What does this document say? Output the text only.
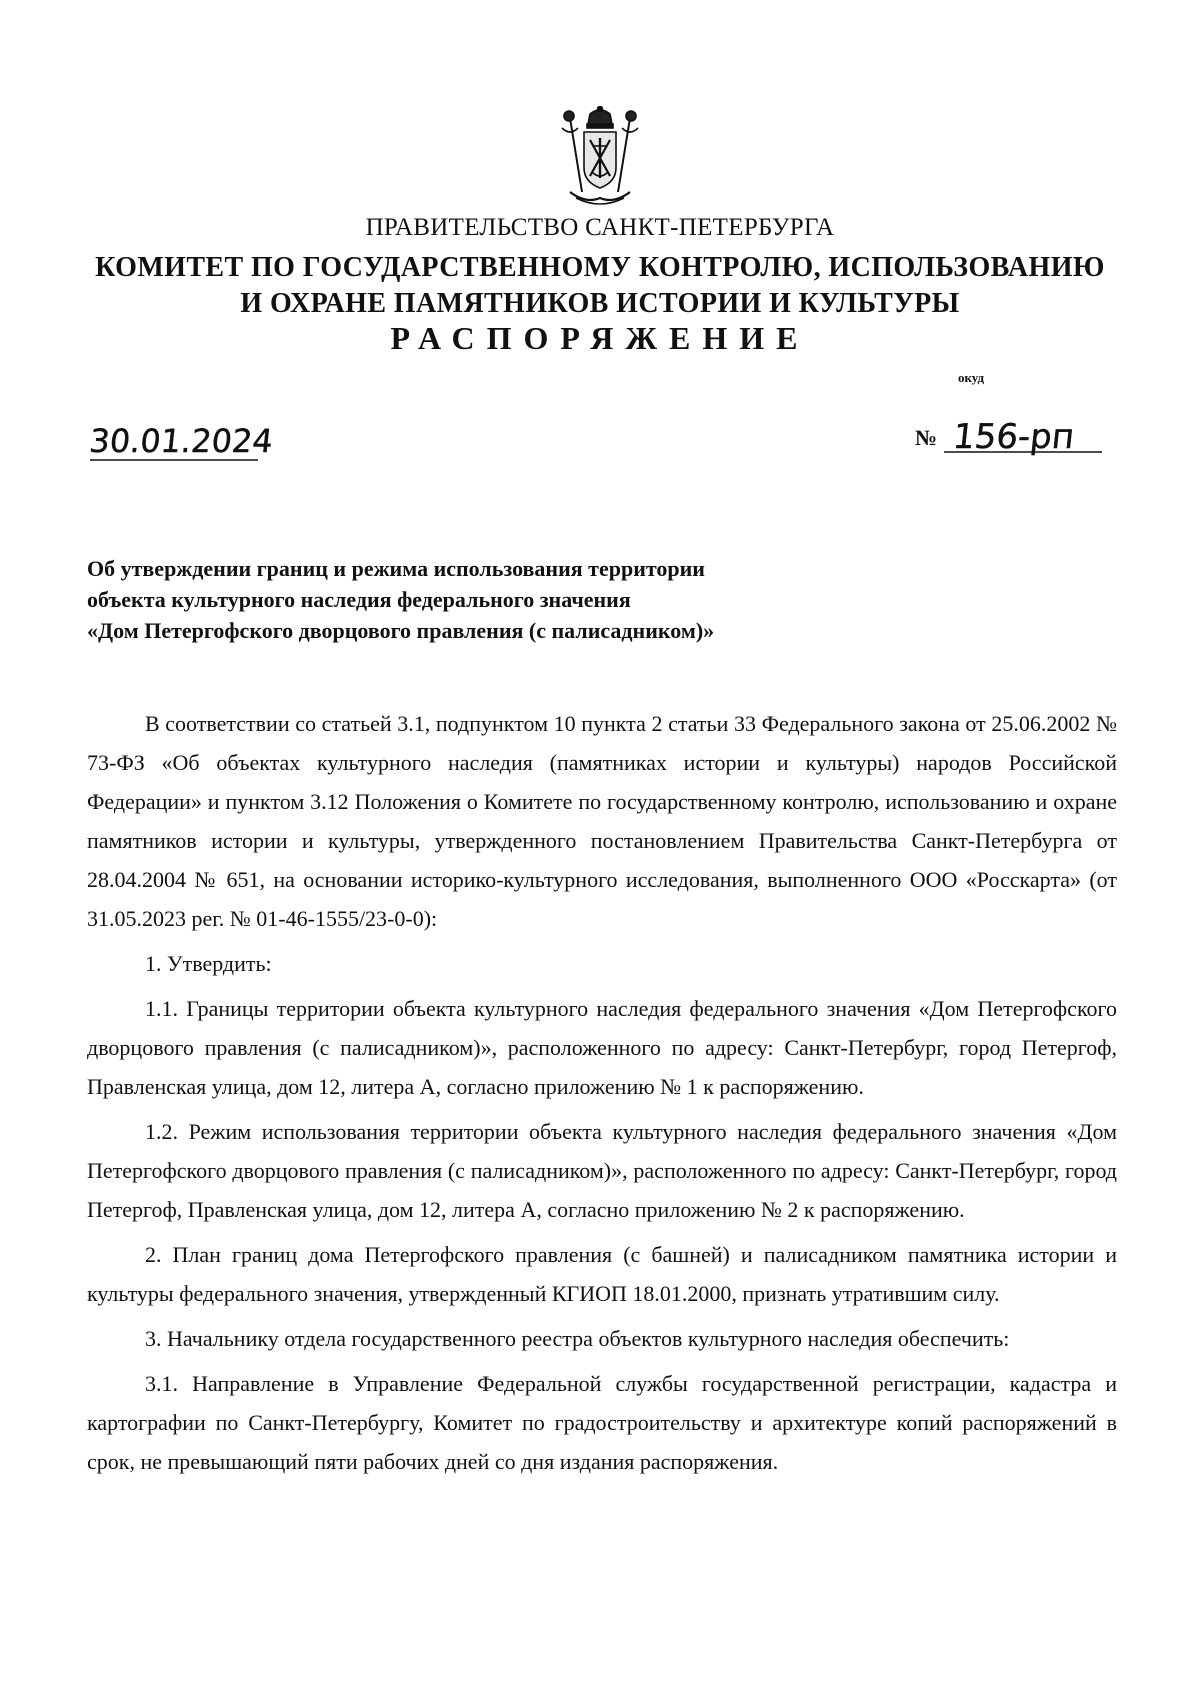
ПРАВИТЕЛЬСТВО САНКТ-ПЕТЕРБУРГА
КОМИТЕТ ПО ГОСУДАРСТВЕННОМУ КОНТРОЛЮ, ИСПОЛЬЗОВАНИЮ
И ОХРАНЕ ПАМЯТНИКОВ ИСТОРИИ И КУЛЬТУРЫ
РАСПОРЯЖЕНИЕ
окуд
30.01.2024	№ 156-рп
Об утверждении границ и режима использования территории
объекта культурного наследия федерального значения
«Дом Петергофского дворцового правления (с палисадником)»

В соответствии со статьей 3.1, подпунктом 10 пункта 2 статьи 33 Федерального закона от 25.06.2002 № 73-ФЗ «Об объектах культурного наследия (памятниках истории и культуры) народов Российской Федерации» и пунктом 3.12 Положения о Комитете по государственному контролю, использованию и охране памятников истории и культуры, утвержденного постановлением Правительства Санкт-Петербурга от 28.04.2004 № 651, на основании историко-культурного исследования, выполненного ООО «Росскарта» (от 31.05.2023 рег. № 01-46-1555/23-0-0):

1. Утвердить:

1.1. Границы территории объекта культурного наследия федерального значения «Дом Петергофского дворцового правления (с палисадником)», расположенного по адресу: Санкт-Петербург, город Петергоф, Правленская улица, дом 12, литера А, согласно приложению № 1 к распоряжению.

1.2. Режим использования территории объекта культурного наследия федерального значения «Дом Петергофского дворцового правления (с палисадником)», расположенного по адресу: Санкт-Петербург, город Петергоф, Правленская улица, дом 12, литера А, согласно приложению № 2 к распоряжению.

2. План границ дома Петергофского правления (с башней) и палисадником памятника истории и культуры федерального значения, утвержденный КГИОП 18.01.2000, признать утратившим силу.

3. Начальнику отдела государственного реестра объектов культурного наследия обеспечить:

3.1. Направление в Управление Федеральной службы государственной регистрации, кадастра и картографии по Санкт-Петербургу, Комитет по градостроительству и архитектуре копий распоряжений в срок, не превышающий пяти рабочих дней со дня издания распоряжения.
